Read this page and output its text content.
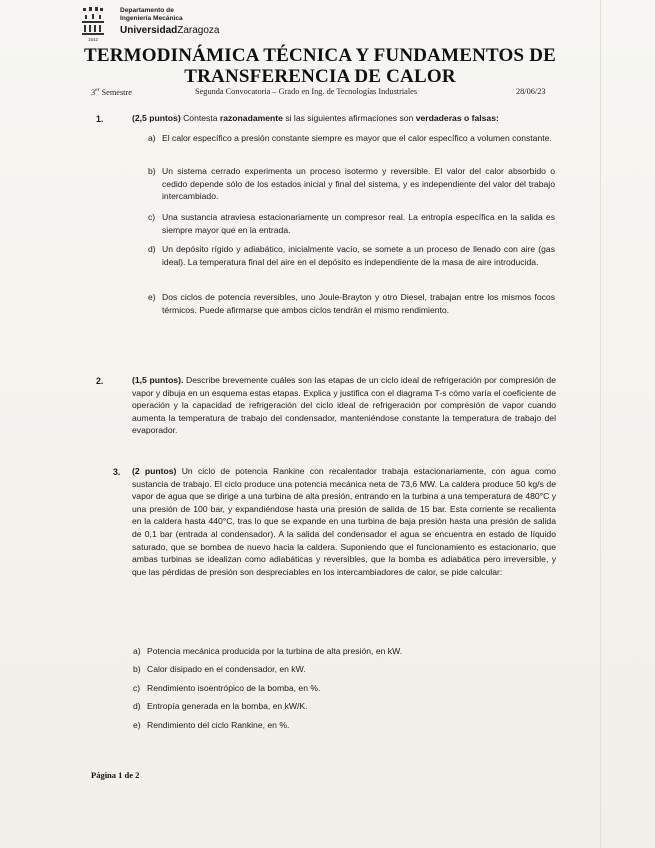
1542
Departamento de
Ingeniería Mecánica
UniversidadZaragoza
TERMODINÁMICA TÉCNICA Y FUNDAMENTOS DE
TRANSFERENCIA DE CALOR
3er Semestre	Segunda Convocatoria – Grado en Ing. de Tecnologías Industriales	28/06/23
1.	(2,5 puntos) Contesta razonadamente si las siguientes afirmaciones son verdaderas o falsas:
a) El calor específico a presión constante siempre es mayor que el calor específico a volumen constante.
b) Un sistema cerrado experimenta un proceso isotermo y reversible. El valor del calor absorbido o cedido depende sólo de los estados inicial y final del sistema, y es independiente del valor del trabajo intercambiado.
c) Una sustancia atraviesa estacionariamente un compresor real. La entropía específica en la salida es siempre mayor que en la entrada.
d) Un depósito rígido y adiabático, inicialmente vacío, se somete a un proceso de llenado con aire (gas ideal). La temperatura final del aire en el depósito es independiente de la masa de aire introducida.
e) Dos ciclos de potencia reversibles, uno Joule-Brayton y otro Diesel, trabajan entre los mismos focos térmicos. Puede afirmarse que ambos ciclos tendrán el mismo rendimiento.
2.	(1,5 puntos). Describe brevemente cuáles son las etapas de un ciclo ideal de refrigeración por compresión de vapor y dibuja en un esquema estas etapas. Explica y justifica con el diagrama T-s cómo varía el coeficiente de operación y la capacidad de refrigeración del ciclo ideal de refrigeración por compresión de vapor cuando aumenta la temperatura de trabajo del condensador, manteniéndose constante la temperatura de trabajo del evaporador.
3. (2 puntos) Un ciclo de potencia Rankine con recalentador trabaja estacionariamente, con agua como sustancia de trabajo. El ciclo produce una potencia mecánica neta de 73,6 MW. La caldera produce 50 kg/s de vapor de agua que se dirige a una turbina de alta presión, entrando en la turbina a una temperatura de 480°C y una presión de 100 bar, y expandiéndose hasta una presión de salida de 15 bar. Esta corriente se recalienta en la caldera hasta 440°C, tras lo que se expande en una turbina de baja presión hasta una presión de salida de 0,1 bar (entrada al condensador). A la salida del condensador el agua se encuentra en estado de líquido saturado, que se bombea de nuevo hacia la caldera. Suponiendo que el funcionamiento es estacionario, que ambas turbinas se idealizan como adiabáticas y reversibles, que la bomba es adiabática pero irreversible, y que las pérdidas de presión son despreciables en los intercambiadores de calor, se pide calcular:
a) Potencia mecánica producida por la turbina de alta presión, en kW.
b) Calor disipado en el condensador, en kW.
c) Rendimiento isoentrópico de la bomba, en %.
d) Entropía generada en la bomba, en kW/K.
e) Rendimiento del ciclo Rankine, en %.
Página 1 de 2
